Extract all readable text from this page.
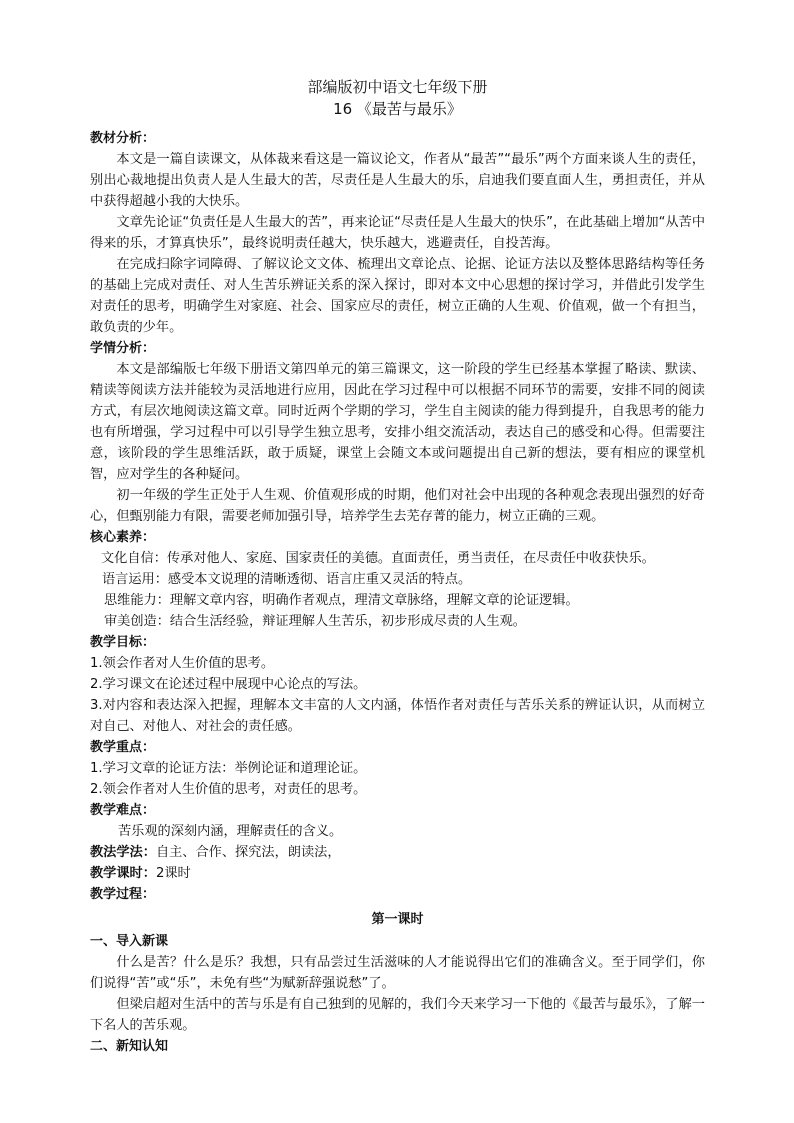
部编版初中语文七年级下册
16 《最苦与最乐》
教材分析：

本文是一篇自读课文，从体裁来看这是一篇议论文，作者从“最苦”“最乐”两个方面来谈人生的责任，别出心裁地提出负责人是人生最大的苦，尽责任是人生最大的乐，启迪我们要直面人生，勇担责任，并从中获得超越小我的大快乐。

文章先论证“负责任是人生最大的苦”，再来论证“尽责任是人生最大的快乐”，在此基础上增加“从苦中得来的乐，才算真快乐”，最终说明责任越大，快乐越大，逃避责任，自投苦海。

在完成扫除字词障碍、了解议论文文体、梳理出文章论点、论据、论证方法以及整体思路结构等任务的基础上完成对责任、对人生苦乐辨证关系的深入探讨，即对本文中心思想的探讨学习，并借此引发学生对责任的思考，明确学生对家庭、社会、国家应尽的责任，树立正确的人生观、价值观，做一个有担当，敢负责的少年。

学情分析：

本文是部编版七年级下册语文第四单元的第三篇课文，这一阶段的学生已经基本掌握了略读、默读、精读等阅读方法并能较为灵活地进行应用，因此在学习过程中可以根据不同环节的需要，安排不同的阅读方式，有层次地阅读这篇文章。同时近两个学期的学习，学生自主阅读的能力得到提升，自我思考的能力也有所增强，学习过程中可以引导学生独立思考，安排小组交流活动，表达自己的感受和心得。但需要注意，该阶段的学生思维活跃，敢于质疑，课堂上会随文本或问题提出自己新的想法，要有相应的课堂机智，应对学生的各种疑问。

初一年级的学生正处于人生观、价值观形成的时期，他们对社会中出现的各种观念表现出强烈的好奇心，但甄别能力有限，需要老师加强引导，培养学生去芜存菁的能力，树立正确的三观。

核心素养：
文化自信：传承对他人、家庭、国家责任的美德。直面责任，勇当责任，在尽责任中收获快乐。
语言运用：感受本文说理的清晰透彻、语言庄重又灵活的特点。
思维能力：理解文章内容，明确作者观点，理清文章脉络，理解文章的论证逻辑。
审美创造：结合生活经验，辩证理解人生苦乐，初步形成尽责的人生观。
教学目标：
1.领会作者对人生价值的思考。
2.学习课文在论述过程中展现中心论点的写法。

3.对内容和表达深入把握，理解本文丰富的人文内涵，体悟作者对责任与苦乐关系的辨证认识，从而树立对自己、对他人、对社会的责任感。

教学重点：
1.学习文章的论证方法：举例论证和道理论证。
2.领会作者对人生价值的思考，对责任的思考。
教学难点：
苦乐观的深刻内涵，理解责任的含义。
教法学法：自主、合作、探究法，朗读法，
教学课时：2课时
教学过程：
第一课时
一、导入新课

什么是苦？什么是乐？我想，只有品尝过生活滋味的人才能说得出它们的准确含义。至于同学们，你们说得“苦”或“乐”，未免有些“为赋新辞强说愁”了。

但梁启超对生活中的苦与乐是有自己独到的见解的，我们今天来学习一下他的《最苦与最乐》，了解一下名人的苦乐观。

二、新知认知
